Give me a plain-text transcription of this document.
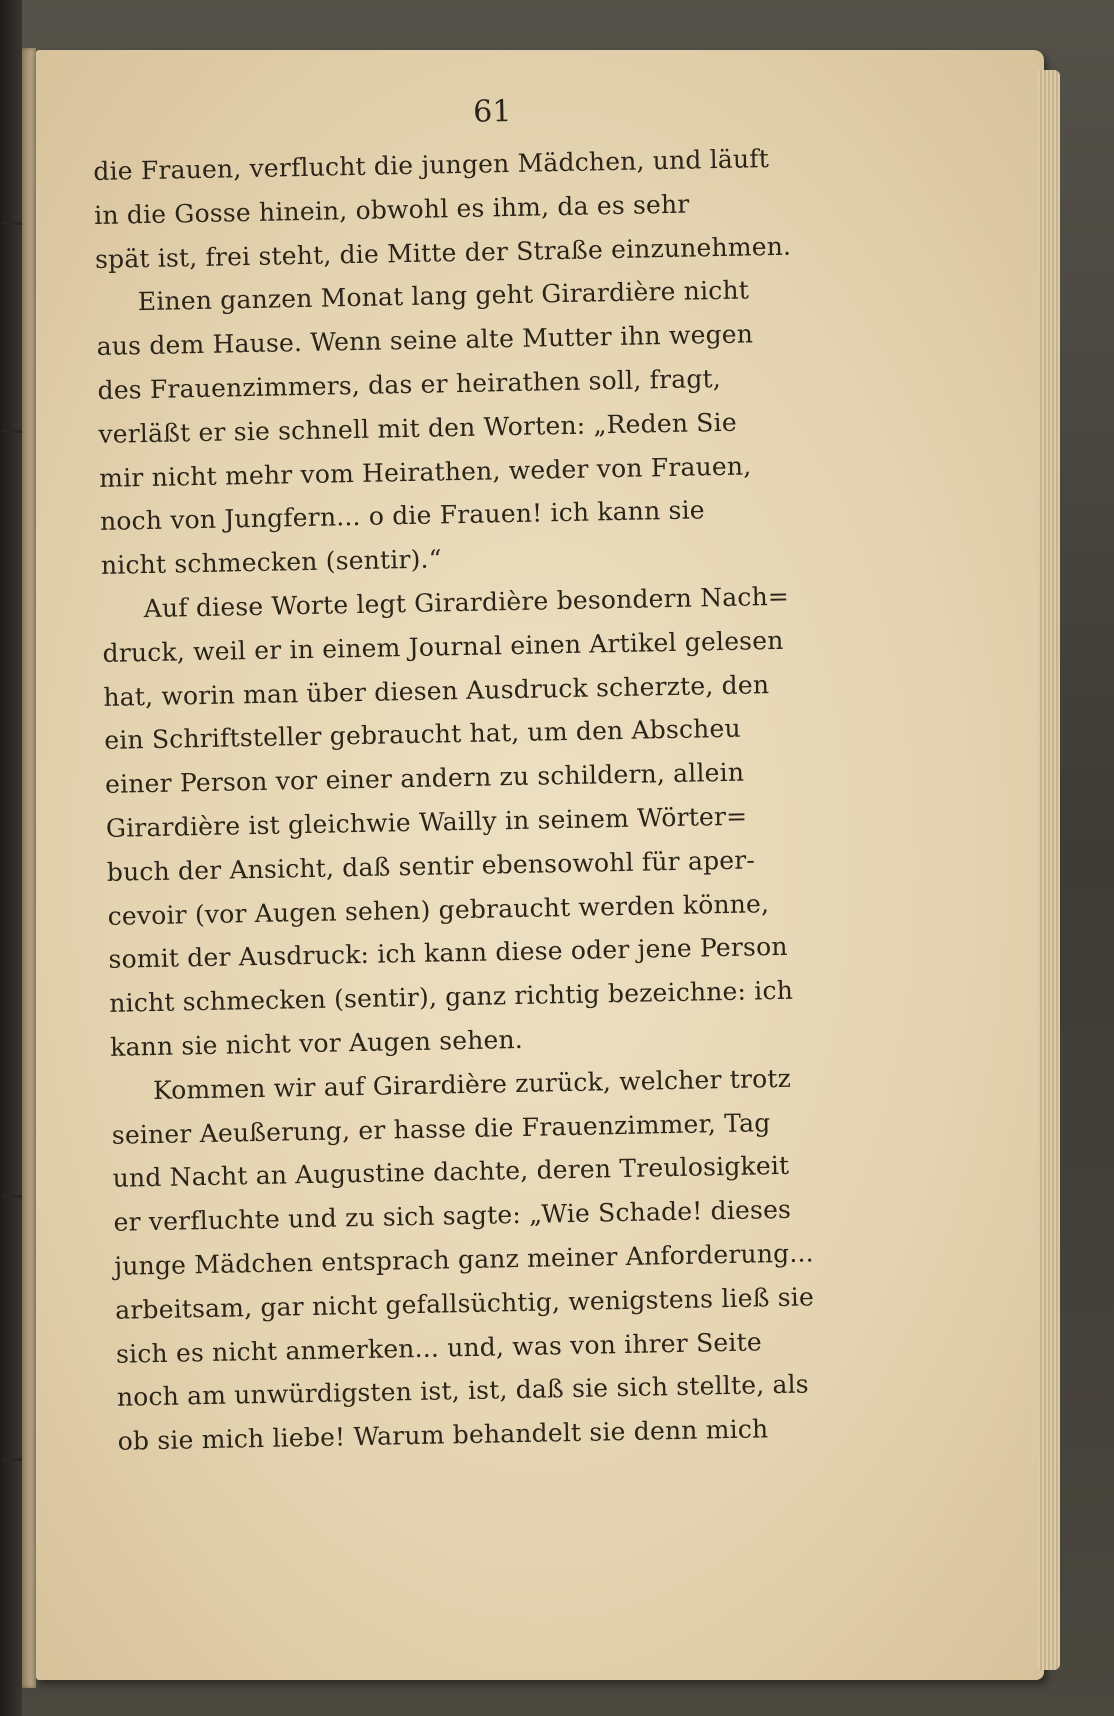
61
die Frauen, verflucht die jungen Mädchen, und läuft
in die Gosse hinein, obwohl es ihm, da es sehr
spät ist, frei steht, die Mitte der Straße einzunehmen.
Einen ganzen Monat lang geht Girardière nicht
aus dem Hause. Wenn seine alte Mutter ihn wegen
des Frauenzimmers, das er heirathen soll, fragt,
verläßt er sie schnell mit den Worten: „Reden Sie
mir nicht mehr vom Heirathen, weder von Frauen,
noch von Jungfern... o die Frauen! ich kann sie
nicht schmecken (sentir).“
Auf diese Worte legt Girardière besondern Nach=
druck, weil er in einem Journal einen Artikel gelesen
hat, worin man über diesen Ausdruck scherzte, den
ein Schriftsteller gebraucht hat, um den Abscheu
einer Person vor einer andern zu schildern, allein
Girardière ist gleichwie Wailly in seinem Wörter=
buch der Ansicht, daß sentir ebensowohl für aper-
cevoir (vor Augen sehen) gebraucht werden könne,
somit der Ausdruck: ich kann diese oder jene Person
nicht schmecken (sentir), ganz richtig bezeichne: ich
kann sie nicht vor Augen sehen.
Kommen wir auf Girardière zurück, welcher trotz
seiner Aeußerung, er hasse die Frauenzimmer, Tag
und Nacht an Augustine dachte, deren Treulosigkeit
er verfluchte und zu sich sagte: „Wie Schade! dieses
junge Mädchen entsprach ganz meiner Anforderung...
arbeitsam, gar nicht gefallsüchtig, wenigstens ließ sie
sich es nicht anmerken... und, was von ihrer Seite
noch am unwürdigsten ist, ist, daß sie sich stellte, als
ob sie mich liebe! Warum behandelt sie denn mich
